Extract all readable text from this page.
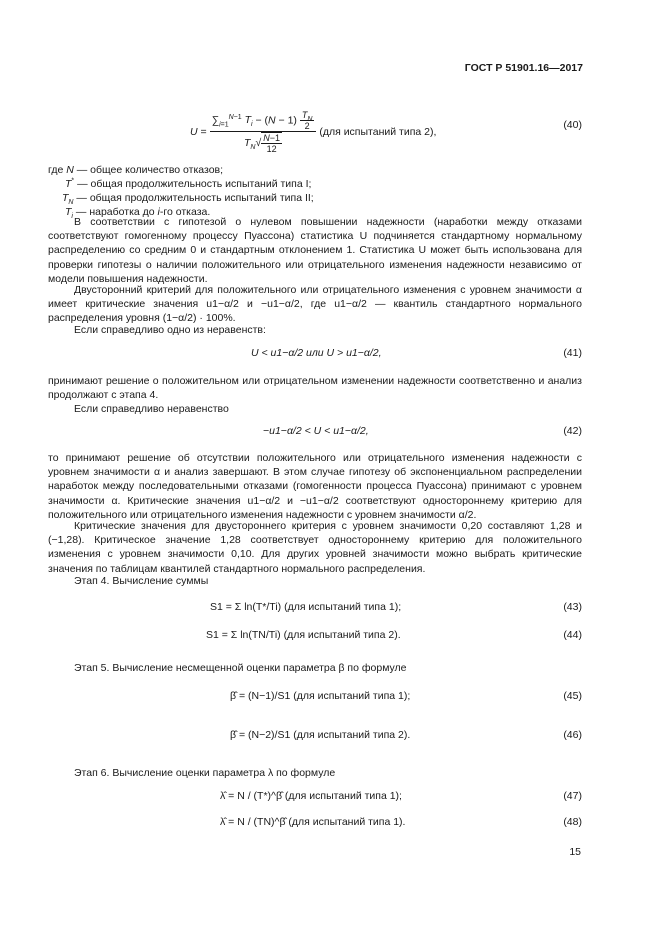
ГОСТ Р 51901.16—2017
$U = \frac{\sum_{i=1}^{N-1} T_i - (N - 1) \frac{T_N}{2}}{T_N√ \frac{N-1}{12}} (для$ испытаний типа 2),
(40)
где N — общее количество отказов;
T* — общая продолжительность испытаний типа I;
$T_N$ — общая продолжительность испытаний типа II;
$T_i$ — наработка до i-го отказа.
В соответствии с гипотезой о нулевом повышении надежности (наработки между отказами соответствуют гомогенному процессу Пуассона) статистика U подчиняется стандартному нормальному распределению со средним 0 и стандартным отклонением 1. Статистика U может быть использована для проверки гипотезы о наличии положительного или отрицательного изменения надежности независимо от модели повышения надежности.
Двусторонний критерий для положительного или отрицательного изменения с уровнем значимости α имеет критические значения u1−α/2 и −u1−α/2, где u1−α/2 — квантиль стандартного нормального распределения уровня (1−α/2) · 100%.
Если справедливо одно из неравенств:
U < u1−α/2 или U > u1−α/2,	(41)
принимают решение о положительном или отрицательном изменении надежности соответственно и анализ продолжают с этапа 4.
Если справедливо неравенство
−u1−α/2 < U < u1−α/2,	(42)
то принимают решение об отсутствии положительного или отрицательного изменения надежности с уровнем значимости α и анализ завершают. В этом случае гипотезу об экспоненциальном распределении наработок между последовательными отказами (гомогенности процесса Пуассона) принимают с уровнем значимости α. Критические значения u1−α/2 и −u1−α/2 соответствуют одностороннему критерию для положительного или отрицательного изменения надежности с уровнем значимости α/2.
Критические значения для двустороннего критерия с уровнем значимости 0,20 составляют 1,28 и (−1,28). Критическое значение 1,28 соответствует одностороннему критерию для положительного изменения с уровнем значимости 0,10. Для других уровней значимости можно выбрать критические значения по таблицам квантилей стандартного нормального распределения.
Этап 4. Вычисление суммы
S1 = Σ ln(T*/Ti) (для испытаний типа 1);	(43)
S1 = Σ ln(TN/Ti) (для испытаний типа 2).	(44)
Этап 5. Вычисление несмещенной оценки параметра β по формуле
β̂ = (N−1)/S1 (для испытаний типа 1);	(45)
β̂ = (N−2)/S1 (для испытаний типа 2).	(46)
Этап 6. Вычисление оценки параметра λ по формуле
λ̂ = N / (T*)^β̂ (для испытаний типа 1);	(47)
λ̂ = N / (TN)^β̂ (для испытаний типа 1).	(48)
15
